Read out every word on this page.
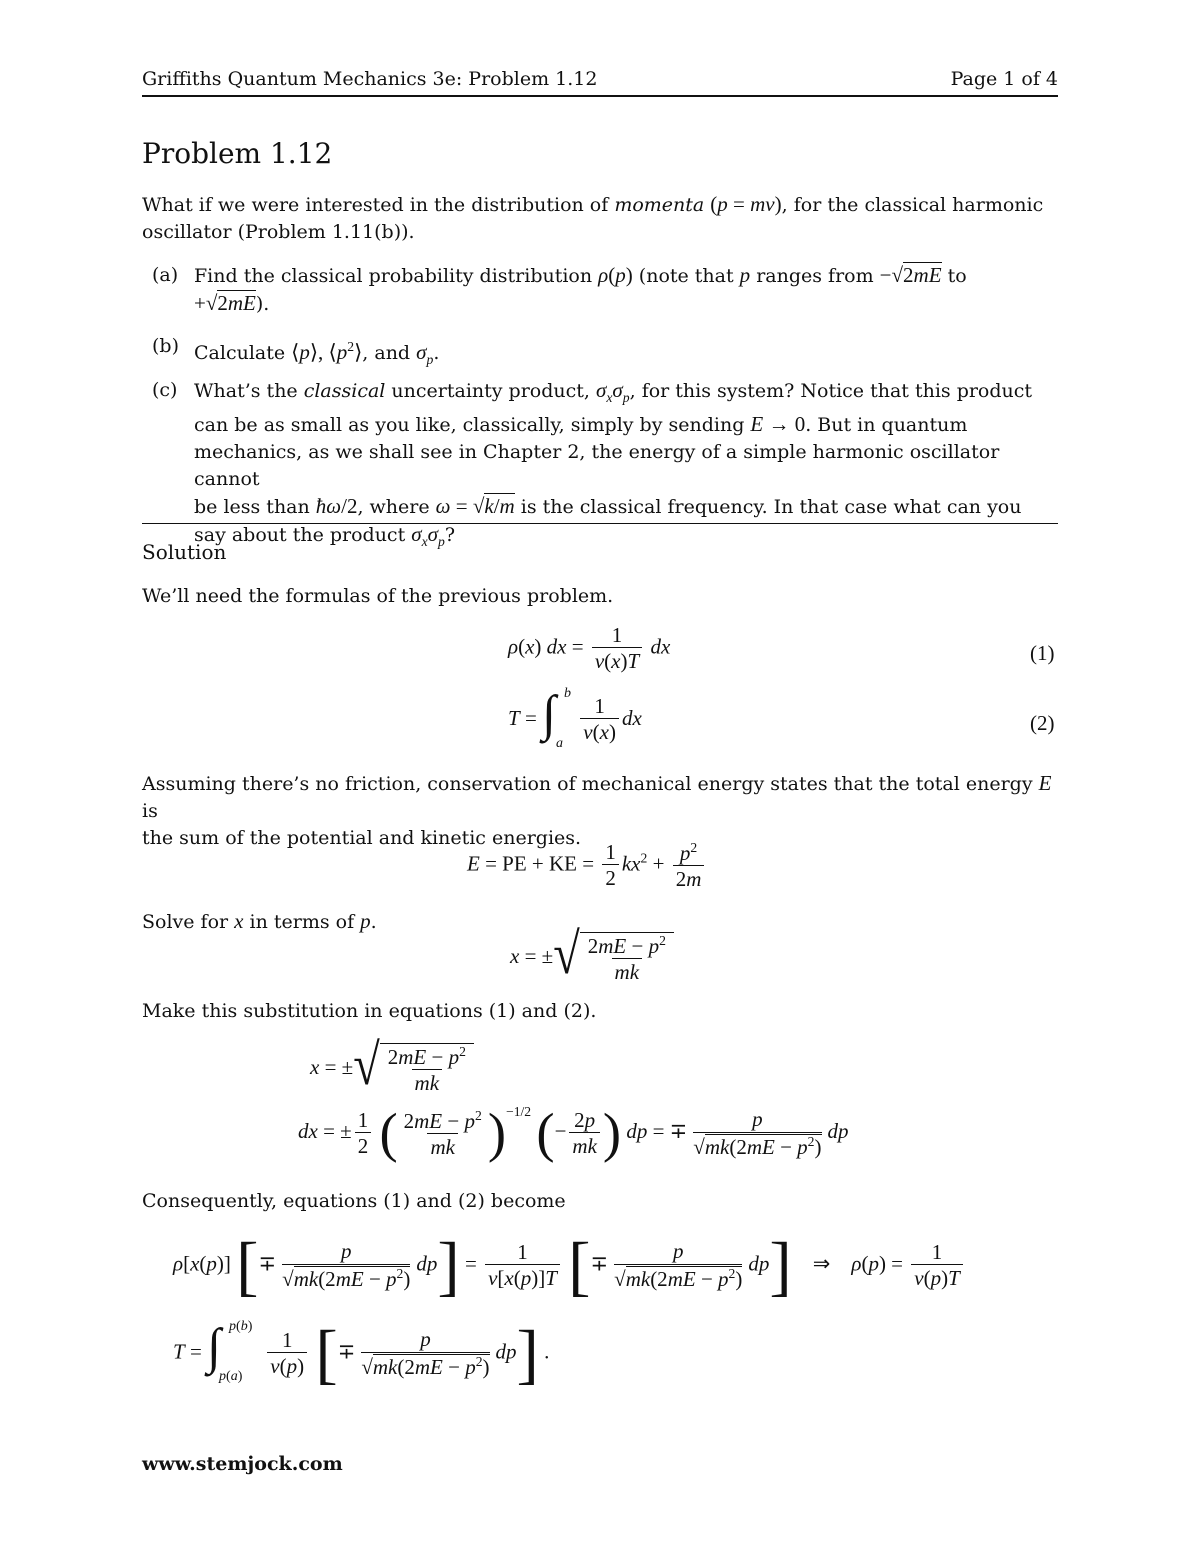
Griffiths Quantum Mechanics 3e: Problem 1.12	Page 1 of 4
Problem 1.12
What if we were interested in the distribution of momenta (p = mv), for the classical harmonic oscillator (Problem 1.11(b)).
(a) Find the classical probability distribution ρ(p) (note that p ranges from −√2mE to
+√2mE).
(b) Calculate ⟨p⟩, $⟨p^2⟩$, and $\sigma_p$.
(c) What’s the classical uncertainty product, $\sigma_x\sigma_p$, for this system? Notice that this product
can be as small as you like, classically, simply by sending E → 0. But in quantum
mechanics, as we shall see in Chapter 2, the energy of a simple harmonic oscillator cannot
be less than ħω/2, where ω = √k/m is the classical frequency. In that case what can you
say about the product $\sigma_x\sigma_p$?
Solution
We’ll need the formulas of the previous problem.
ρ(x) dx = $\frac{1}{v(x)T}$ dx	(1)
T = ∫ b
a
$\frac{1}{v(x)}$ dx	(2)
Assuming there’s no friction, conservation of mechanical energy states that the total energy E is
the sum of the potential and kinetic energies.
E = PE + KE = $\frac{1}{2} kx^2 + \frac{p^2}{2m}$
Solve for x in terms of p.
x = ± √ $\frac{2mE - p^2}{mk}$
Make this substitution in equations (1) and (2).
x = ± √ $\frac{2mE - p^2}{mk}$
dx = ± $\frac{1}{2}$ ( $\frac{2mE - p^2}{mk} )^{-1/2}$ (− $\frac{2p}{mk}$ ) dp = ∓
p
$√mk(2mE - p^2)$
dp
Consequently, equations (1) and (2) become
ρ[x(p)] [∓
p
$√mk(2mE - p^2)$
$dp] = \frac{1}{v[x(p)]T}$ [∓
p
$√mk(2mE - p^2)$
dp]    ⇒    $\rho(p) = \frac{1}{v(p)T}$
T = ∫ p(b)
p(a)
$\frac{1}{v(p)}$ [∓
p
$√mk(2mE - p^2)$
dp] .
www.stemjock.com
